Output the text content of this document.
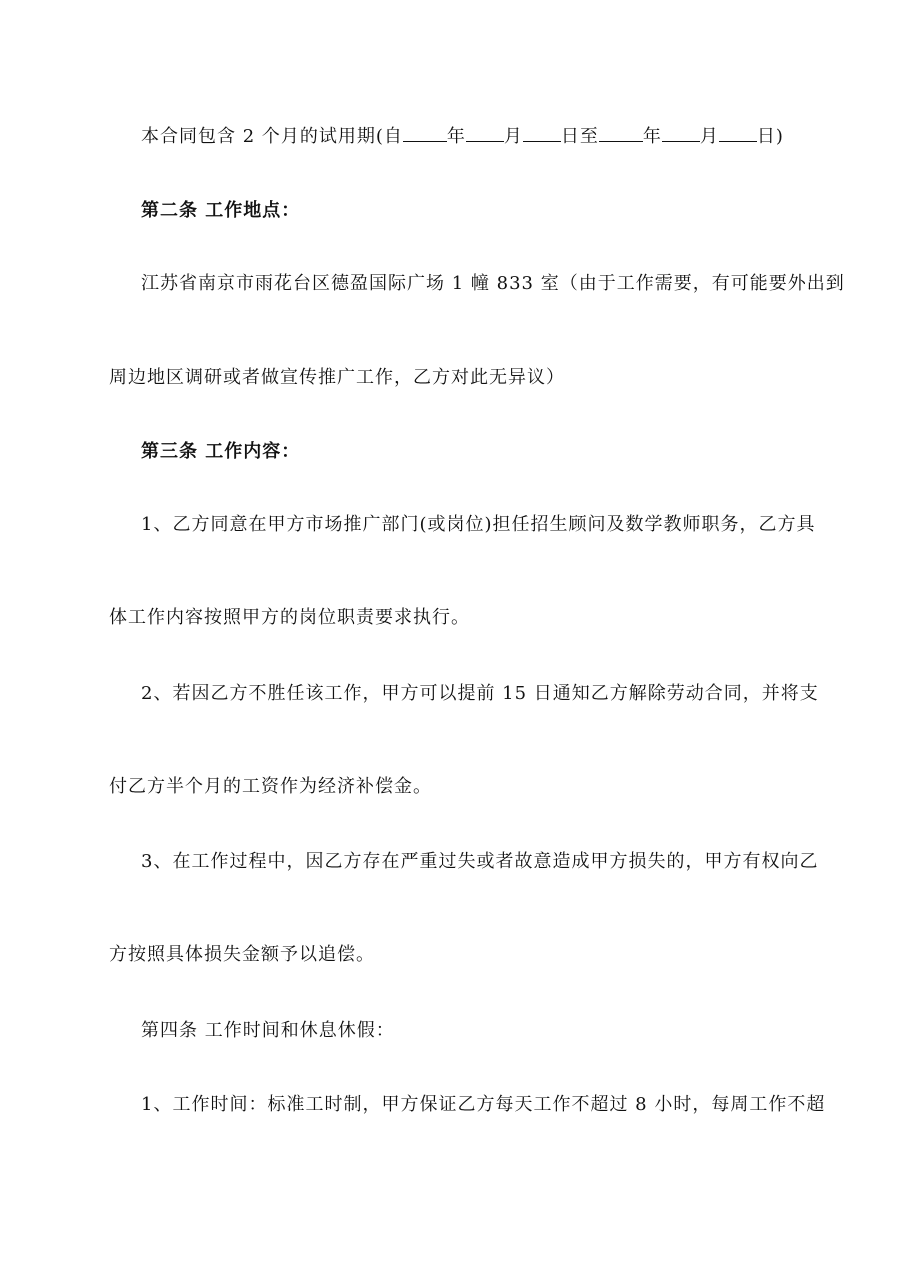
本合同包含 2 个月的试用期(自 年 月 日至 年 月 日)
第二条 工作地点：
江苏省南京市雨花台区德盈国际广场 1 幢 833 室（由于工作需要，有可能要外出到
周边地区调研或者做宣传推广工作，乙方对此无异议）
第三条 工作内容：
1、乙方同意在甲方市场推广部门(或岗位)担任招生顾问及数学教师职务，乙方具
体工作内容按照甲方的岗位职责要求执行。
2、若因乙方不胜任该工作，甲方可以提前 15 日通知乙方解除劳动合同，并将支
付乙方半个月的工资作为经济补偿金。
3、在工作过程中，因乙方存在严重过失或者故意造成甲方损失的，甲方有权向乙
方按照具体损失金额予以追偿。
第四条 工作时间和休息休假：
1、工作时间：标准工时制，甲方保证乙方每天工作不超过 8 小时，每周工作不超
